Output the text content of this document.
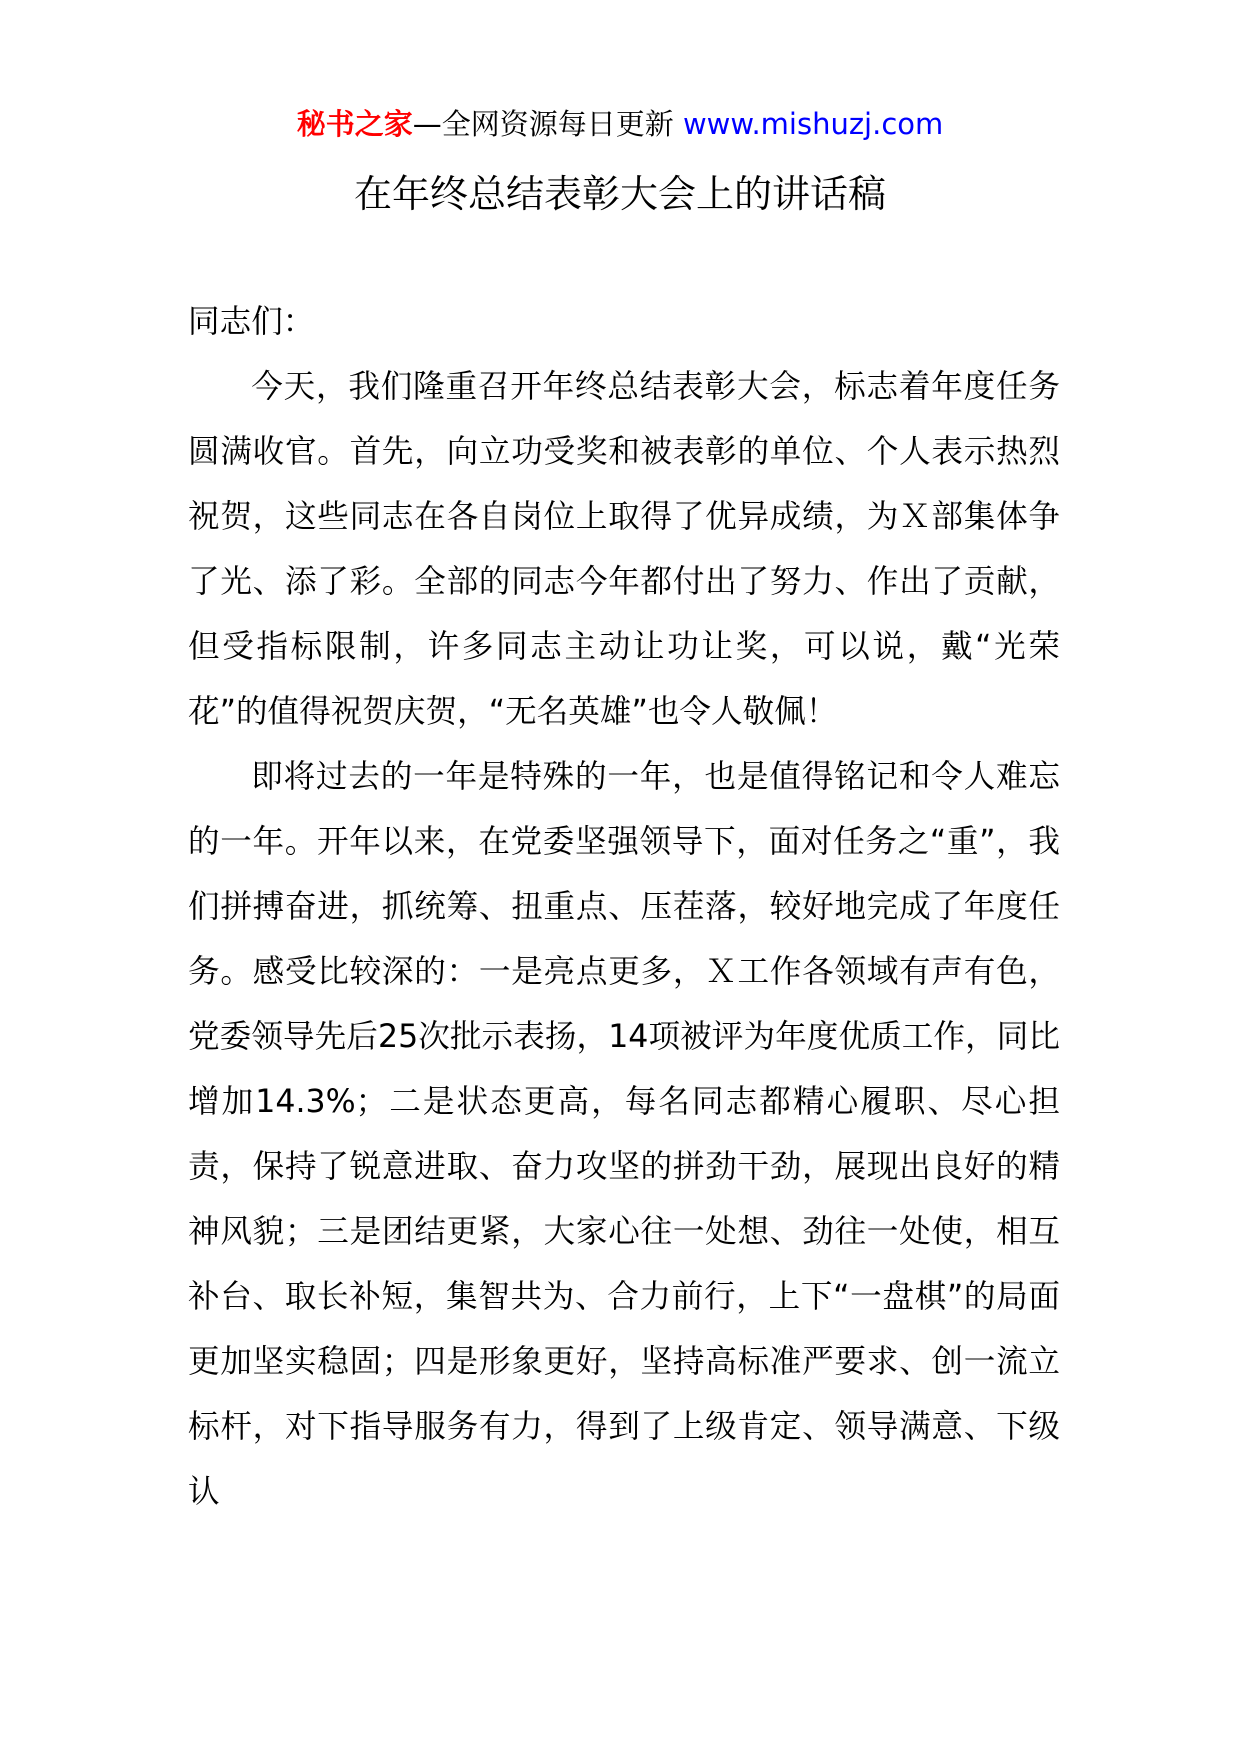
秘书之家—全网资源每日更新 www.mishuzj.com
在年终总结表彰大会上的讲话稿

同志们：

今天，我们隆重召开年终总结表彰大会，标志着年度任务圆满收官。首先，向立功受奖和被表彰的单位、个人表示热烈祝贺，这些同志在各自岗位上取得了优异成绩，为Ｘ部集体争了光、添了彩。全部的同志今年都付出了努力、作出了贡献，但受指标限制，许多同志主动让功让奖，可以说，戴“光荣花”的值得祝贺庆贺，“无名英雄”也令人敬佩！

即将过去的一年是特殊的一年，也是值得铭记和令人难忘的一年。开年以来，在党委坚强领导下，面对任务之“重”，我们拼搏奋进，抓统筹、扭重点、压茬落，较好地完成了年度任务。感受比较深的：一是亮点更多，Ｘ工作各领域有声有色，党委领导先后25次批示表扬，14项被评为年度优质工作，同比增加14.3%；二是状态更高，每名同志都精心履职、尽心担责，保持了锐意进取、奋力攻坚的拼劲干劲，展现出良好的精神风貌；三是团结更紧，大家心往一处想、劲往一处使，相互补台、取长补短，集智共为、合力前行，上下“一盘棋”的局面更加坚实稳固；四是形象更好，坚持高标准严要求、创一流立标杆，对下指导服务有力，得到了上级肯定、领导满意、下级认
